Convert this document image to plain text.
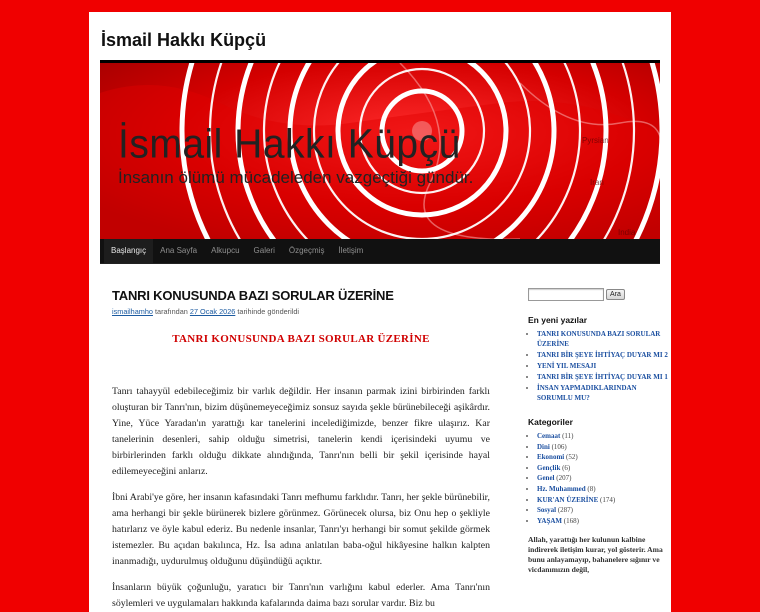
İsmail Hakkı Küpçü
Pyrsian
Iran
India
İsmail Hakkı Küpçü
İnsanın ölümü mücadeleden vazgeçtiği gündür.
Başlangıç	Ana Sayfa	Alkupcu	Galeri	Özgeçmiş	İletişim
TANRI KONUSUNDA BAZI SORULAR ÜZERİNE
ismailhamho tarafından 27 Ocak 2026 tarihinde gönderildi
TANRI KONUSUNDA BAZI SORULAR ÜZERİNE

Tanrı tahayyül edebileceğimiz bir varlık değildir. Her insanın parmak izini birbirinden farklı oluşturan bir Tanrı'nın, bizim düşünemeyeceğimiz sonsuz sayıda şekle bürünebileceği aşikârdır. Yine, Yüce Yaradan'ın yarattığı kar tanelerini incelediğimizde, benzer fikre ulaşırız. Kar tanelerinin desenleri, sahip olduğu simetrisi, tanelerin kendi içerisindeki uyumu ve birbirlerinden farklı olduğu dikkate alındığında, Tanrı'nın belli bir şekil içerisinde hayal edilemeyeceğini anlarız.

İbni Arabi'ye göre, her insanın kafasındaki Tanrı mefhumu farklıdır. Tanrı, her şekle bürünebilir, ama herhangi bir şekle bürünerek bizlere görünmez. Görünecek olursa, biz Onu hep o şekliyle hatırlarız ve öyle kabul ederiz. Bu nedenle insanlar, Tanrı'yı herhangi bir somut şekilde görmek istemezler. Bu açıdan bakılınca, Hz. İsa adına anlatılan baba-oğul hikâyesine halkın kalpten inanmadığı, uydurulmuş olduğunu düşündüğü açıktır.

İnsanların büyük çoğunluğu, yaratıcı bir Tanrı'nın varlığını kabul ederler. Ama Tanrı'nın söylemleri ve uygulamaları hakkında kafalarında daima bazı sorular vardır. Biz bu

Ara
En yeni yazılar
▪ TANRI KONUSUNDA BAZI SORULAR ÜZERİNE
▪ TANRI BİR ŞEYE İHTİYAÇ DUYAR MI 2
▪ YENİ YIL MESAJI
▪ TANRI BİR ŞEYE İHTİYAÇ DUYAR MI 1
▪ İNSAN YAPMADIKLARINDAN SORUMLU MU?
Kategoriler
▪ Cemaat (11)
▪ Dini (106)
▪ Ekonomi (52)
▪ Gençlik (6)
▪ Genel (207)
▪ Hz. Muhammed (8)
▪ KUR'AN ÜZERİNE (174)
▪ Sosyal (287)
▪ YAŞAM (168)
Allah, yarattığı her kulunun kalbine indirerek iletişim kurar, yol gösterir. Ama bunu anlayamayıp, bahanelere sığınır ve vicdanımızın değil,
